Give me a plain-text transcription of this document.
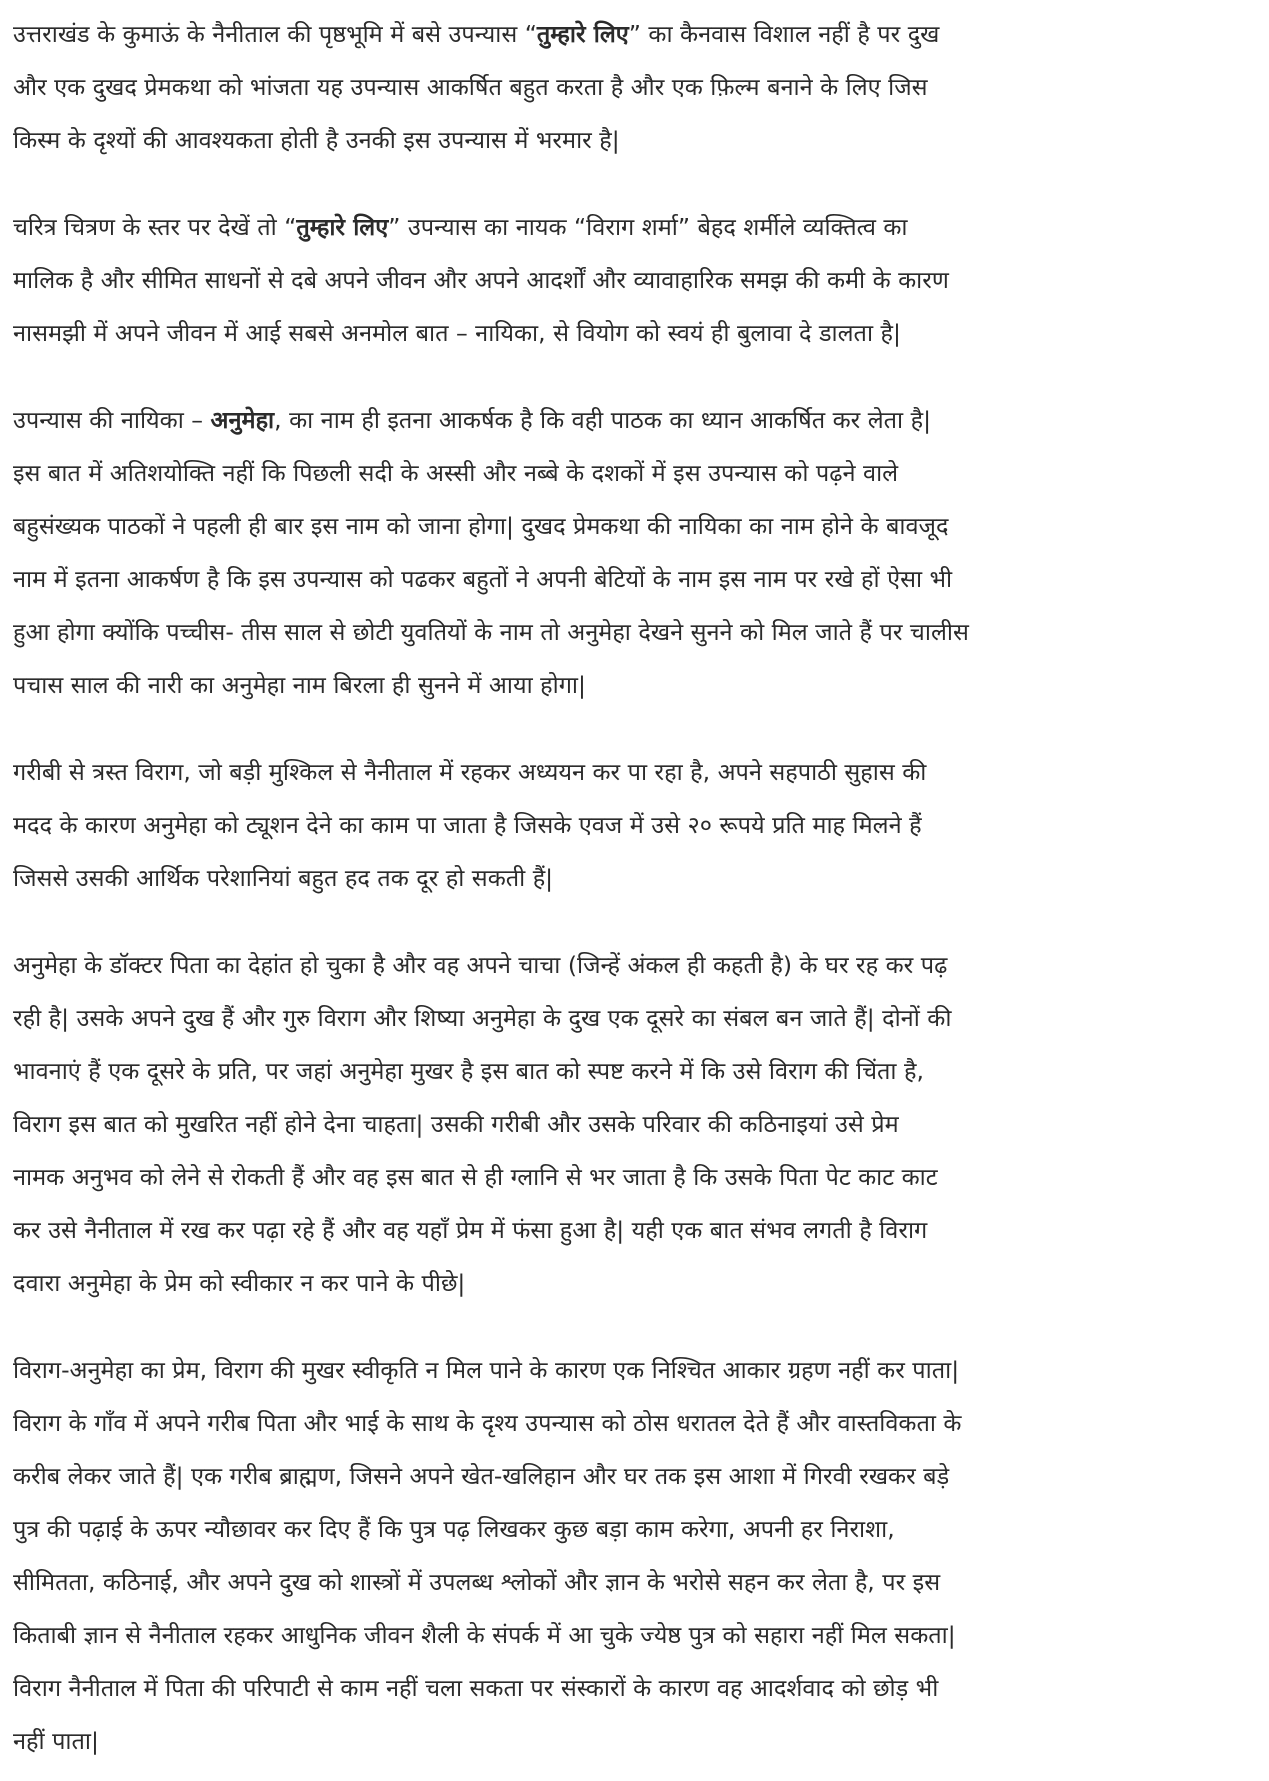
उत्तराखंड के कुमाऊं के नैनीताल की पृष्ठभूमि में बसे उपन्यास “तुम्हारे लिए” का कैनवास विशाल नहीं है पर दुख
और एक दुखद प्रेमकथा को भांजता यह उपन्यास आकर्षित बहुत करता है और एक फ़िल्म बनाने के लिए जिस
किस्म के दृश्यों की आवश्यकता होती है उनकी इस उपन्यास में भरमार है|

चरित्र चित्रण के स्तर पर देखें तो “तुम्हारे लिए” उपन्यास का नायक “विराग शर्मा” बेहद शर्मीले व्यक्तित्व का
मालिक है और सीमित साधनों से दबे अपने जीवन और अपने आदर्शों और व्यावाहारिक समझ की कमी के कारण
नासमझी में अपने जीवन में आई सबसे अनमोल बात – नायिका, से वियोग को स्वयं ही बुलावा दे डालता है|

उपन्यास की नायिका – अनुमेहा, का नाम ही इतना आकर्षक है कि वही पाठक का ध्यान आकर्षित कर लेता है|
इस बात में अतिशयोक्ति नहीं कि पिछली सदी के अस्सी और नब्बे के दशकों में इस उपन्यास को पढ़ने वाले
बहुसंख्यक पाठकों ने पहली ही बार इस नाम को जाना होगा| दुखद प्रेमकथा की नायिका का नाम होने के बावजूद
नाम में इतना आकर्षण है कि इस उपन्यास को पढकर बहुतों ने अपनी बेटियों के नाम इस नाम पर रखे हों ऐसा भी
हुआ होगा क्योंकि पच्चीस- तीस साल से छोटी युवतियों के नाम तो अनुमेहा देखने सुनने को मिल जाते हैं पर चालीस
पचास साल की नारी का अनुमेहा नाम बिरला ही सुनने में आया होगा|

गरीबी से त्रस्त विराग, जो बड़ी मुश्किल से नैनीताल में रहकर अध्ययन कर पा रहा है, अपने सहपाठी सुहास की
मदद के कारण अनुमेहा को ट्यूशन देने का काम पा जाता है जिसके एवज में उसे २० रूपये प्रति माह मिलने हैं
जिससे उसकी आर्थिक परेशानियां बहुत हद तक दूर हो सकती हैं|

अनुमेहा के डॉक्टर पिता का देहांत हो चुका है और वह अपने चाचा (जिन्हें अंकल ही कहती है) के घर रह कर पढ़
रही है| उसके अपने दुख हैं और गुरु विराग और शिष्या अनुमेहा के दुख एक दूसरे का संबल बन जाते हैं| दोनों की
भावनाएं हैं एक दूसरे के प्रति, पर जहां अनुमेहा मुखर है इस बात को स्पष्ट करने में कि उसे विराग की चिंता है,
विराग इस बात को मुखरित नहीं होने देना चाहता| उसकी गरीबी और उसके परिवार की कठिनाइयां उसे प्रेम
नामक अनुभव को लेने से रोकती हैं और वह इस बात से ही ग्लानि से भर जाता है कि उसके पिता पेट काट काट
कर उसे नैनीताल में रख कर पढ़ा रहे हैं और वह यहाँ प्रेम में फंसा हुआ है| यही एक बात संभव लगती है विराग
दवारा अनुमेहा के प्रेम को स्वीकार न कर पाने के पीछे|

विराग-अनुमेहा का प्रेम, विराग की मुखर स्वीकृति न मिल पाने के कारण एक निश्चित आकार ग्रहण नहीं कर पाता|
विराग के गाँव में अपने गरीब पिता और भाई के साथ के दृश्य उपन्यास को ठोस धरातल देते हैं और वास्तविकता के
करीब लेकर जाते हैं| एक गरीब ब्राह्मण, जिसने अपने खेत-खलिहान और घर तक इस आशा में गिरवी रखकर बड़े
पुत्र की पढ़ाई के ऊपर न्यौछावर कर दिए हैं कि पुत्र पढ़ लिखकर कुछ बड़ा काम करेगा, अपनी हर निराशा,
सीमितता, कठिनाई, और अपने दुख को शास्त्रों में उपलब्ध श्लोकों और ज्ञान के भरोसे सहन कर लेता है, पर इस
किताबी ज्ञान से नैनीताल रहकर आधुनिक जीवन शैली के संपर्क में आ चुके ज्येष्ठ पुत्र को सहारा नहीं मिल सकता|
विराग नैनीताल में पिता की परिपाटी से काम नहीं चला सकता पर संस्कारों के कारण वह आदर्शवाद को छोड़ भी
नहीं पाता|
